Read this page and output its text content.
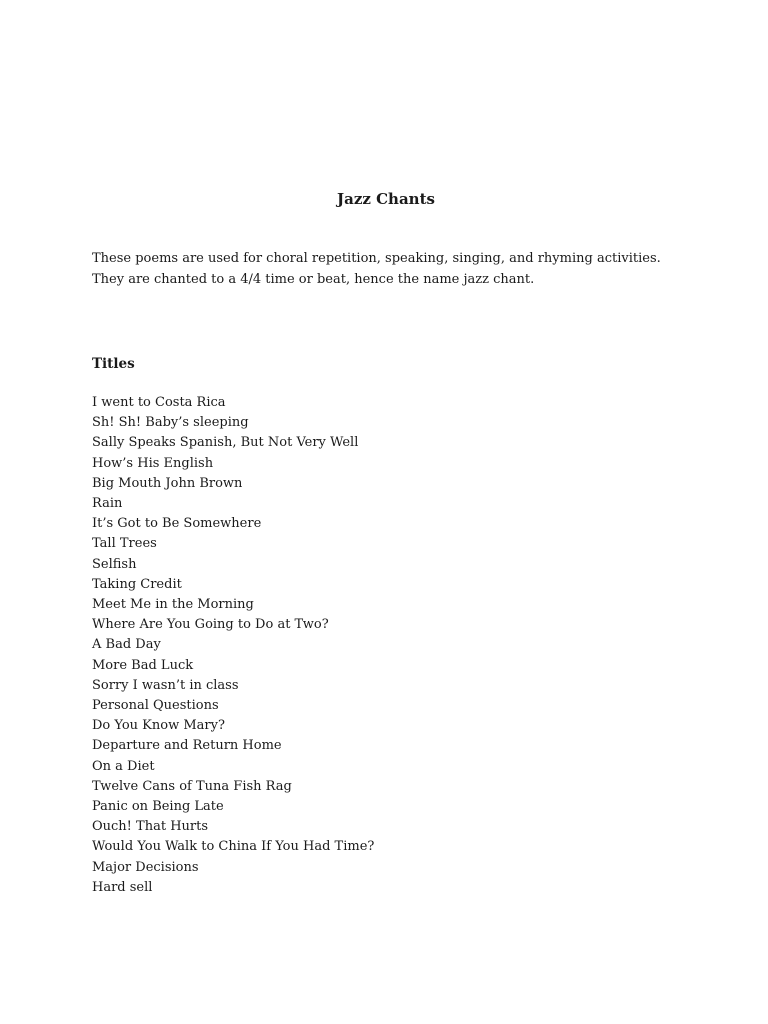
Jazz Chants

These poems are used for choral repetition, speaking, singing, and rhyming activities. They are chanted to a 4/4 time or beat, hence the name jazz chant.

Titles
I went to Costa Rica
Sh! Sh! Baby’s sleeping
Sally Speaks Spanish, But Not Very Well
How’s His English
Big Mouth John Brown
Rain
It’s Got to Be Somewhere
Tall Trees
Selfish
Taking Credit
Meet Me in the Morning
Where Are You Going to Do at Two?
A Bad Day
More Bad Luck
Sorry I wasn’t in class
Personal Questions
Do You Know Mary?
Departure and Return Home
On a Diet
Twelve Cans of Tuna Fish Rag
Panic on Being Late
Ouch! That Hurts
Would You Walk to China If You Had Time?
Major Decisions
Hard sell
